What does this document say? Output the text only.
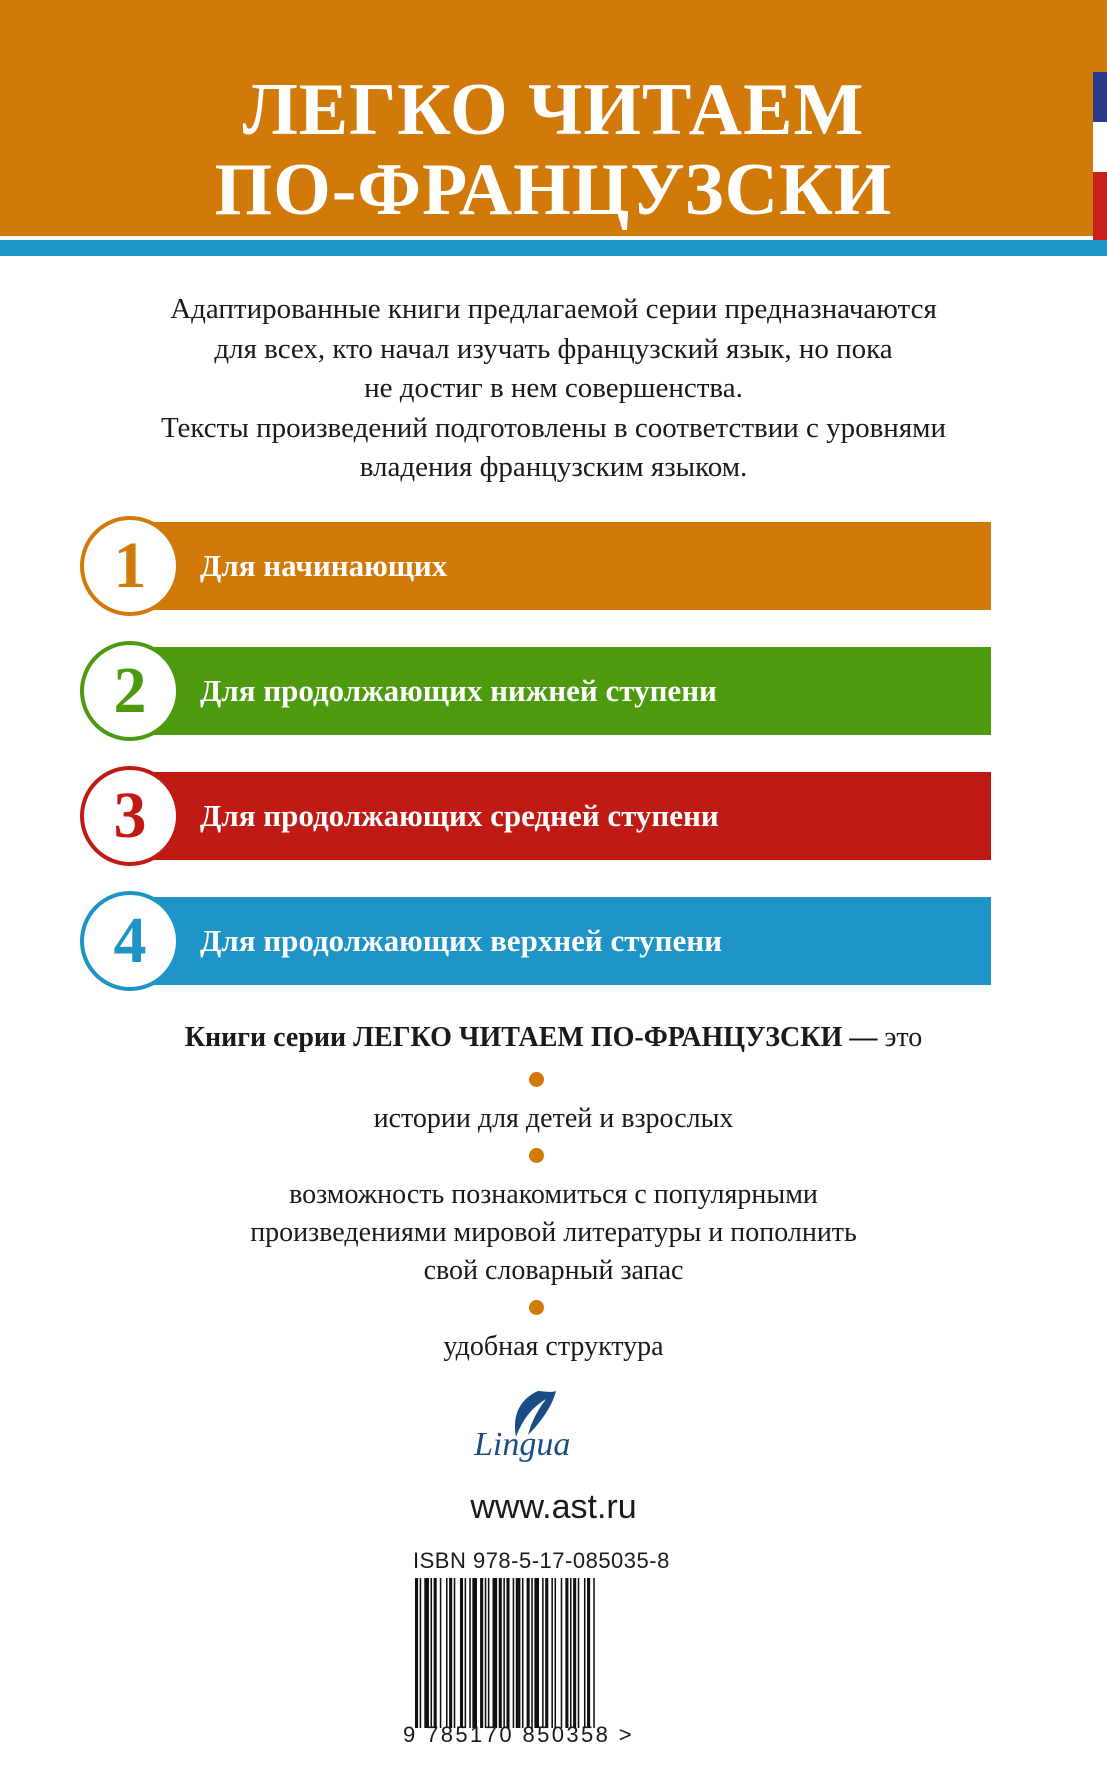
ЛЕГКО ЧИТАЕМ
ПО-ФРАНЦУЗСКИ
Адаптированные книги предлагаемой серии предназначаются
для всех, кто начал изучать французский язык, но пока
не достиг в нем совершенства.
Тексты произведений подготовлены в соответствии с уровнями
владения французским языком.
Для начинающих
1
Для продолжающих нижней ступени
2
Для продолжающих средней ступени
3
Для продолжающих верхней ступени
4
Книги серии ЛЕГКО ЧИТАЕМ ПО-ФРАНЦУЗСКИ — это
истории для детей и взрослых
возможность познакомиться с популярными
произведениями мировой литературы и пополнить
свой словарный запас
удобная структура
Lingua
www.ast.ru
ISBN 978-5-17-085035-8
9 785170 850358 >
